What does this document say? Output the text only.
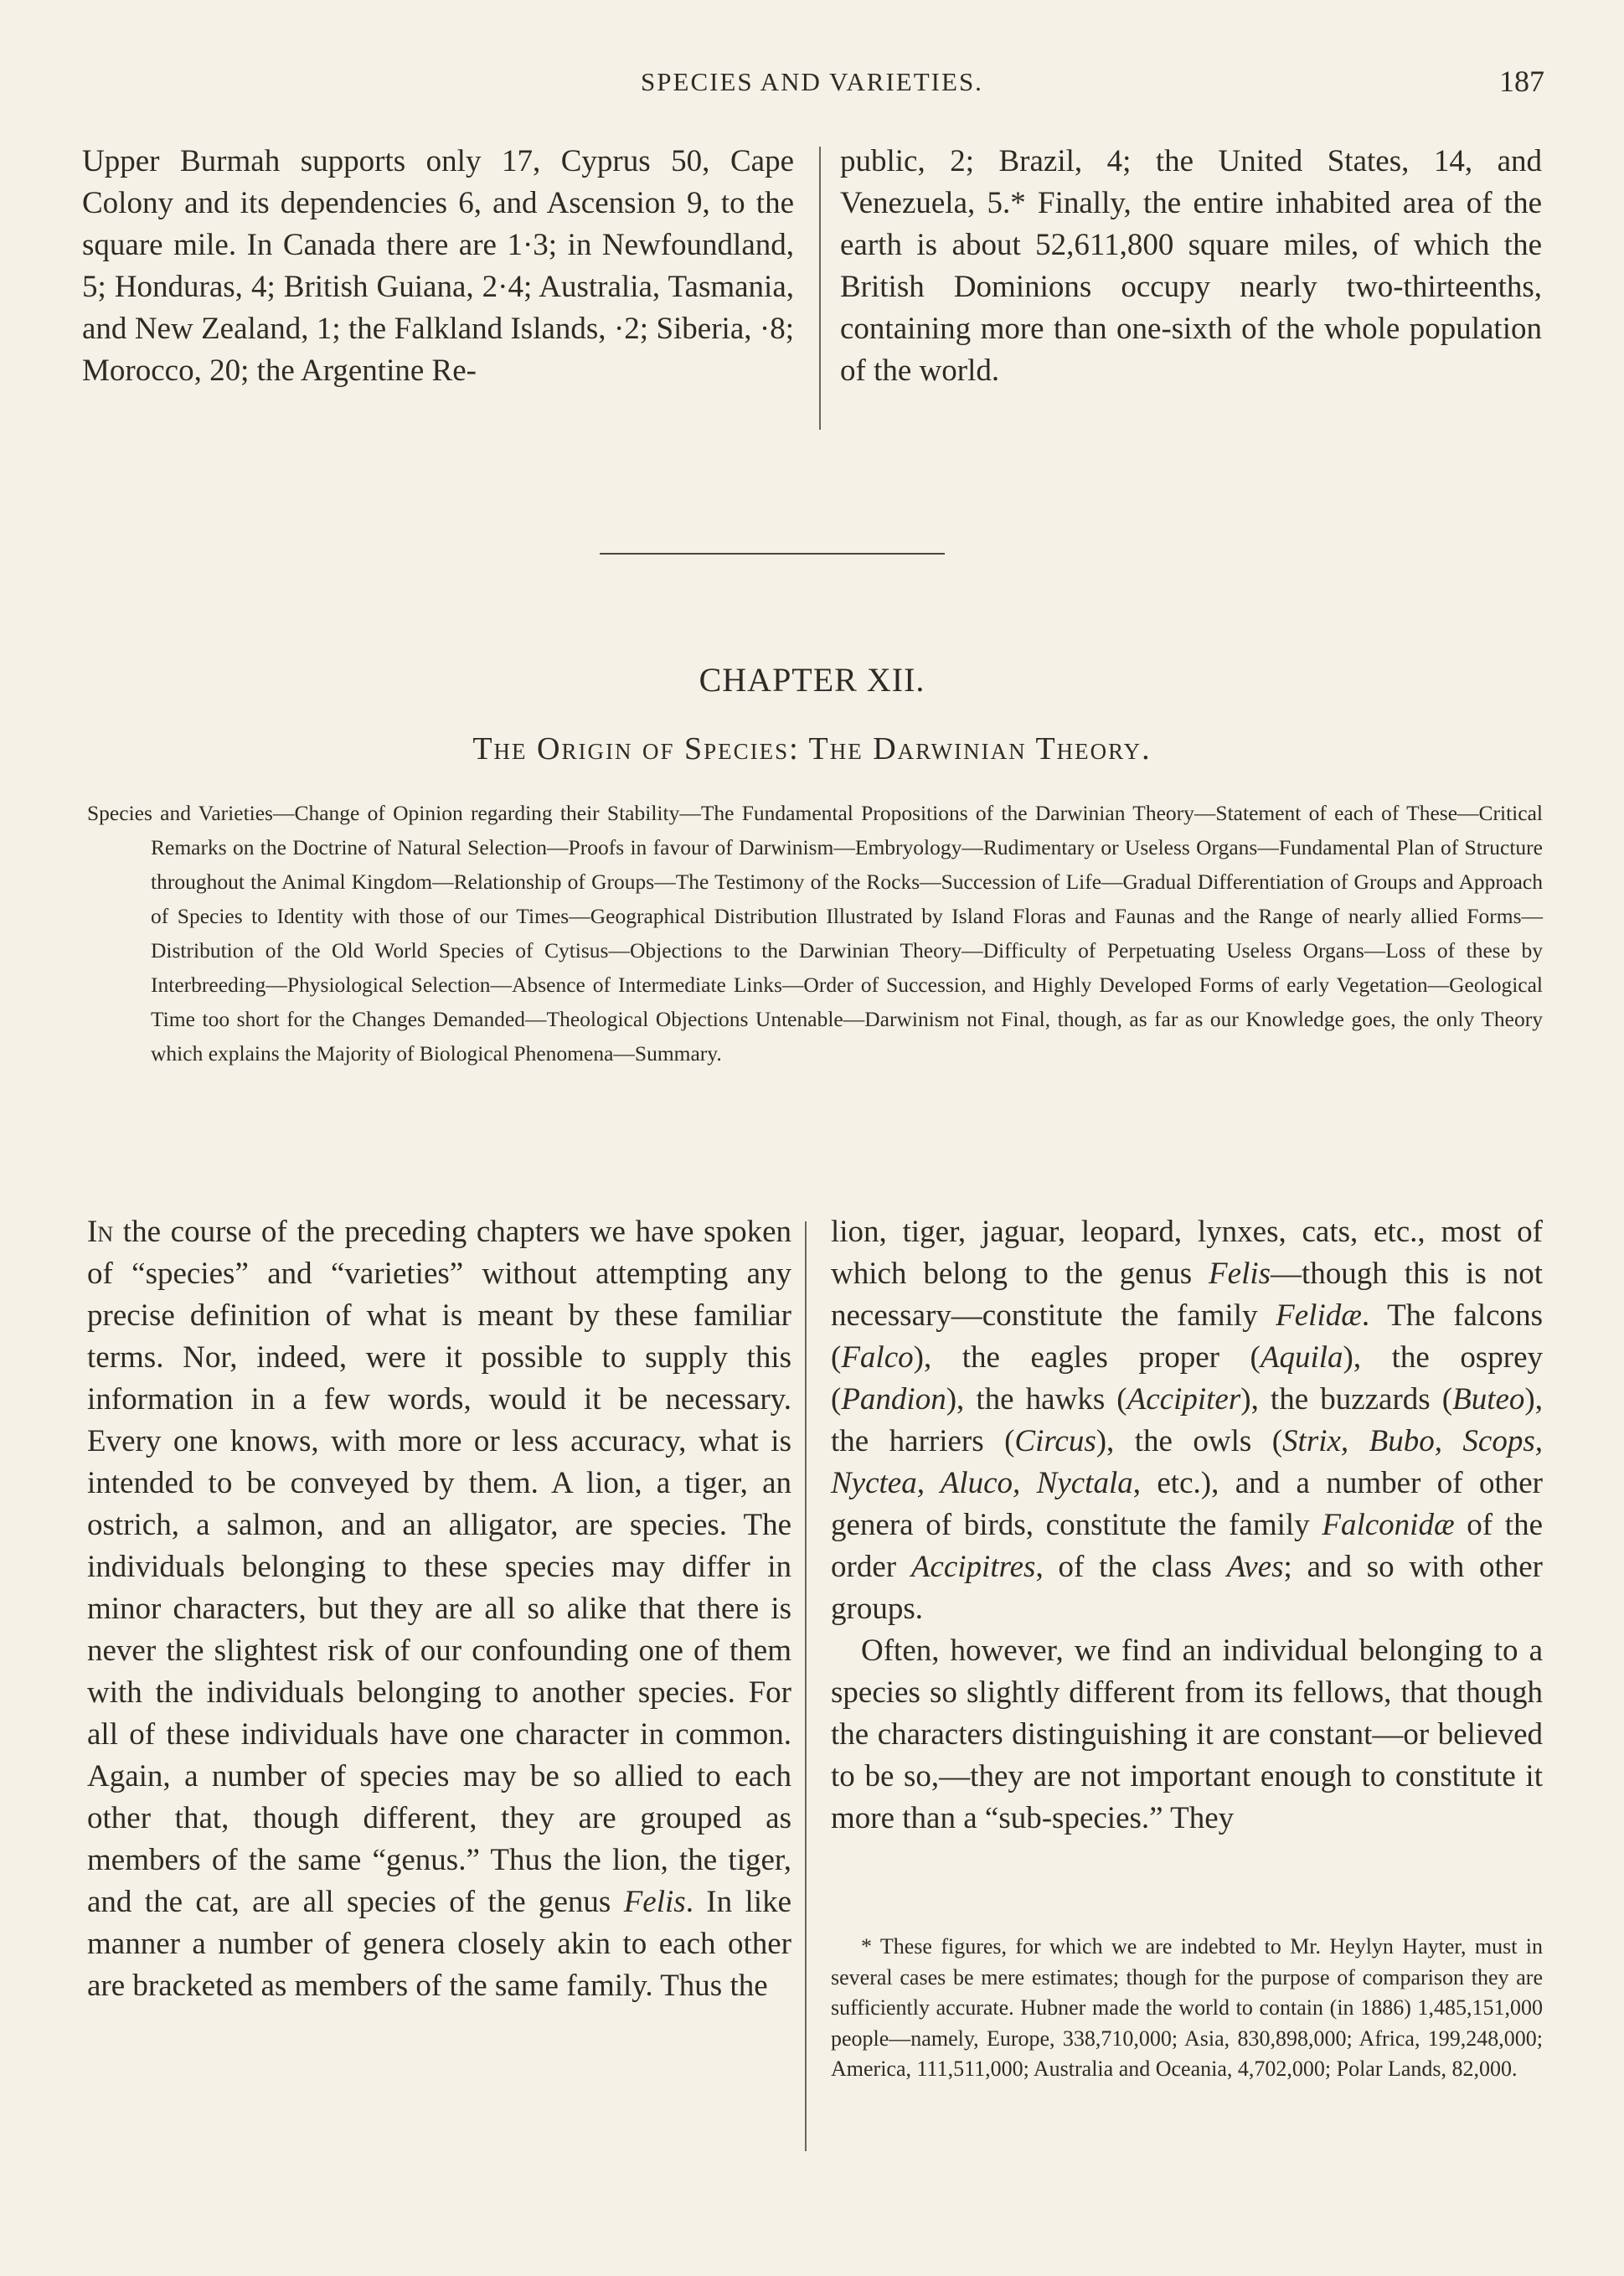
SPECIES AND VARIETIES.	187

Upper Burmah supports only 17, Cyprus 50, Cape Colony and its dependencies 6, and Ascension 9, to the square mile. In Canada there are 1·3; in Newfoundland, 5; Honduras, 4; British Guiana, 2·4; Australia, Tasmania, and New Zealand, 1; the Falkland Islands, ·2; Siberia, ·8; Morocco, 20; the Argentine Re-

public, 2; Brazil, 4; the United States, 14, and Venezuela, 5.* Finally, the entire inhabited area of the earth is about 52,611,800 square miles, of which the British Dominions occupy nearly two-thirteenths, containing more than one-sixth of the whole population of the world.

CHAPTER XII.
The Origin of Species: The Darwinian Theory.
Species and Varieties—Change of Opinion regarding their Stability—The Fundamental Propositions of the Darwinian Theory—Statement of each of These—Critical Remarks on the Doctrine of Natural Selection—Proofs in favour of Darwinism—Embryology—Rudimentary or Useless Organs—Fundamental Plan of Structure throughout the Animal Kingdom—Relationship of Groups—The Testimony of the Rocks—Succession of Life—Gradual Differentiation of Groups and Approach of Species to Identity with those of our Times—Geographical Distribution Illustrated by Island Floras and Faunas and the Range of nearly allied Forms—Distribution of the Old World Species of Cytisus—Objections to the Darwinian Theory—Difficulty of Perpetuating Useless Organs—Loss of these by Interbreeding—Physiological Selection—Absence of Intermediate Links—Order of Succession, and Highly Developed Forms of early Vegetation—Geological Time too short for the Changes Demanded—Theological Objections Untenable—Darwinism not Final, though, as far as our Knowledge goes, the only Theory which explains the Majority of Biological Phenomena—Summary.

In the course of the preceding chapters we have spoken of “species” and “varieties” without attempting any precise definition of what is meant by these familiar terms. Nor, indeed, were it possible to supply this information in a few words, would it be necessary. Every one knows, with more or less accuracy, what is intended to be conveyed by them. A lion, a tiger, an ostrich, a salmon, and an alligator, are species. The individuals belonging to these species may differ in minor characters, but they are all so alike that there is never the slightest risk of our confounding one of them with the individuals belonging to another species. For all of these individuals have one character in common. Again, a number of species may be so allied to each other that, though different, they are grouped as members of the same “genus.” Thus the lion, the tiger, and the cat, are all species of the genus Felis. In like manner a number of genera closely akin to each other are bracketed as members of the same family. Thus the

lion, tiger, jaguar, leopard, lynxes, cats, etc., most of which belong to the genus Felis—though this is not necessary—constitute the family Felidæ. The falcons (Falco), the eagles proper (Aquila), the osprey (Pandion), the hawks (Accipiter), the buzzards (Buteo), the harriers (Circus), the owls (Strix, Bubo, Scops, Nyctea, Aluco, Nyctala, etc.), and a number of other genera of birds, constitute the family Falconidæ of the order Accipitres, of the class Aves; and so with other groups.

Often, however, we find an individual belonging to a species so slightly different from its fellows, that though the characters distinguishing it are constant—or believed to be so,—they are not important enough to constitute it more than a “sub-species.” They

* These figures, for which we are indebted to Mr. Heylyn Hayter, must in several cases be mere estimates; though for the purpose of comparison they are sufficiently accurate. Hubner made the world to contain (in 1886) 1,485,151,000 people—namely, Europe, 338,710,000; Asia, 830,898,000; Africa, 199,248,000; America, 111,511,000; Australia and Oceania, 4,702,000; Polar Lands, 82,000.
